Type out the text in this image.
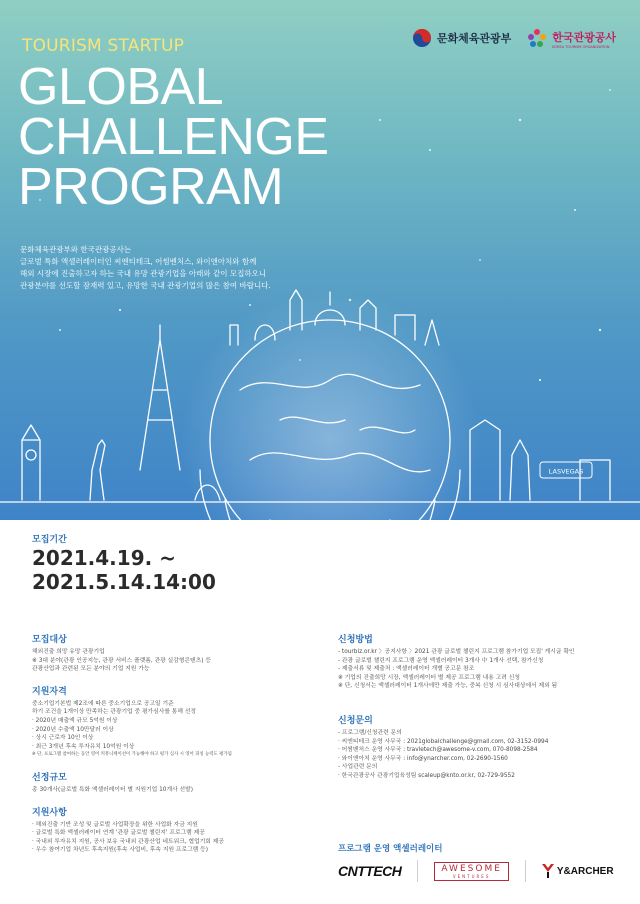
LASVEGAS
문화체육관광부	한국관광공사
KOREA TOURISM ORGANIZATION
TOURISM STARTUP
GLOBAL
CHALLENGE
PROGRAM

문화체육관광부와 한국관광공사는

글로벌 특화 액셀러레이터인 씨엔티테크, 어썸벤처스, 와이앤아처와 함께

해외 시장에 진출하고자 하는 국내 유망 관광기업을 아래와 같이 모집하오니

관광분야를 선도할 잠재력 있고, 유망한 국내 관광기업의 많은 참여 바랍니다.

모집기간
2021.4.19. ~
2021.5.14.14:00
모집대상
해외진출 희망 유망 관광기업
※ 3대 분야(관광 인공지능, 관광 서비스 플랫폼, 관광 실감형콘텐츠) 등
관광산업과 관련된 모든 분야의 기업 지원 가능
지원자격
중소기업기본법 제2조에 따른 중소기업으로 공고일 기준
하기 조건을 1개이상 만족하는 관광기업 중 평가심사를 통해 선정
· 2020년 매출액 규모 5억원 이상
· 2020년 수출액 10만달러 이상
· 상시 근로자 10인 이상
· 최근 3개년 후속 투자유치 10억원 이상
※ 단, 프로그램 참여하는 동안 영어 커뮤니케이션이 가능해야 하고 평가 심사 시 영어 피칭 능력도 평가됨
선정규모
총 30개사(글로벌 특화 액셀러레이터 별 지원기업 10개사 선발)
지원사항
· 해외진출 기반 조성 및 글로벌 사업확장을 위한 사업화 자금 지원
· 글로벌 특화 액셀러레이터 연계 '관광 글로벌 챌린지' 프로그램 제공
· 국내외 투자유치 지원, 공사 보유 국내외 관광산업 네트워크, 협업기회 제공
· 우수 참여기업 차년도 후속지원(후속 사업비, 후속 지원 프로그램 등)
신청방법
- tourbiz.or.kr 〉공지사항 〉2021 관광 글로벌 챌린지 프로그램 참가기업 모집' 게시글 확인
- 관광 글로벌 챌린지 프로그램 운영 액셀러레이터 3개사 中 1개사 선택, 참가신청
- 제출서류 및 제출처 : 액셀러레이터 개별 공고문 참조
※ 기업의 진출희망 시장, 액셀러레이터 별 제공 프로그램 내용 고려 신청
※ 단, 신청서는 액셀러레이터 1개사에만 제출 가능, 중복 신청 시 심사대상에서 제외 됨
신청문의
- 프로그램/신청관련 문의
· 씨엔티테크 운영 사무국 : 2021globalchallenge@gmail.com, 02-3152-0994
· 어썸벤처스 운영 사무국 : travletech@awesome-v.com, 070-8098-2584
· 와이앤아처 운영 사무국 : info@ynarcher.com, 02-2690-1560
- 사업관련 문의
· 한국관광공사 관광기업육성팀 scaleup@knto.or.kr, 02-729-9552
프로그램 운영 액셀러레이터
CNTTECH	AWESOME
VENTURES	Y&ARCHER
